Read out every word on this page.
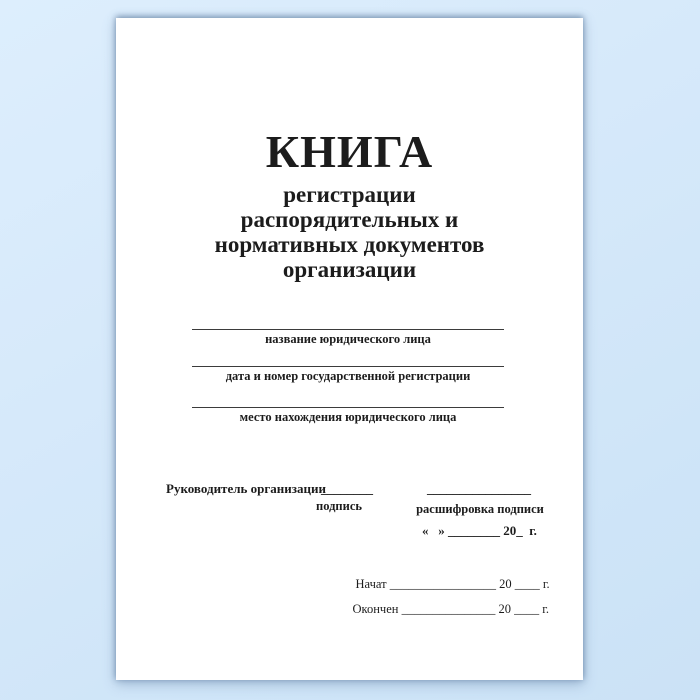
КНИГА
регистрации
распорядительных и
нормативных документов
организации
название юридического лица
дата и номер государственной регистрации
место нахождения юридического лица
Руководитель организации
________
подпись
________________
расшифровка подписи
«   » ________ 20_  г.

Начат _________________ 20 ____ г.

Окончен _______________ 20 ____ г.
